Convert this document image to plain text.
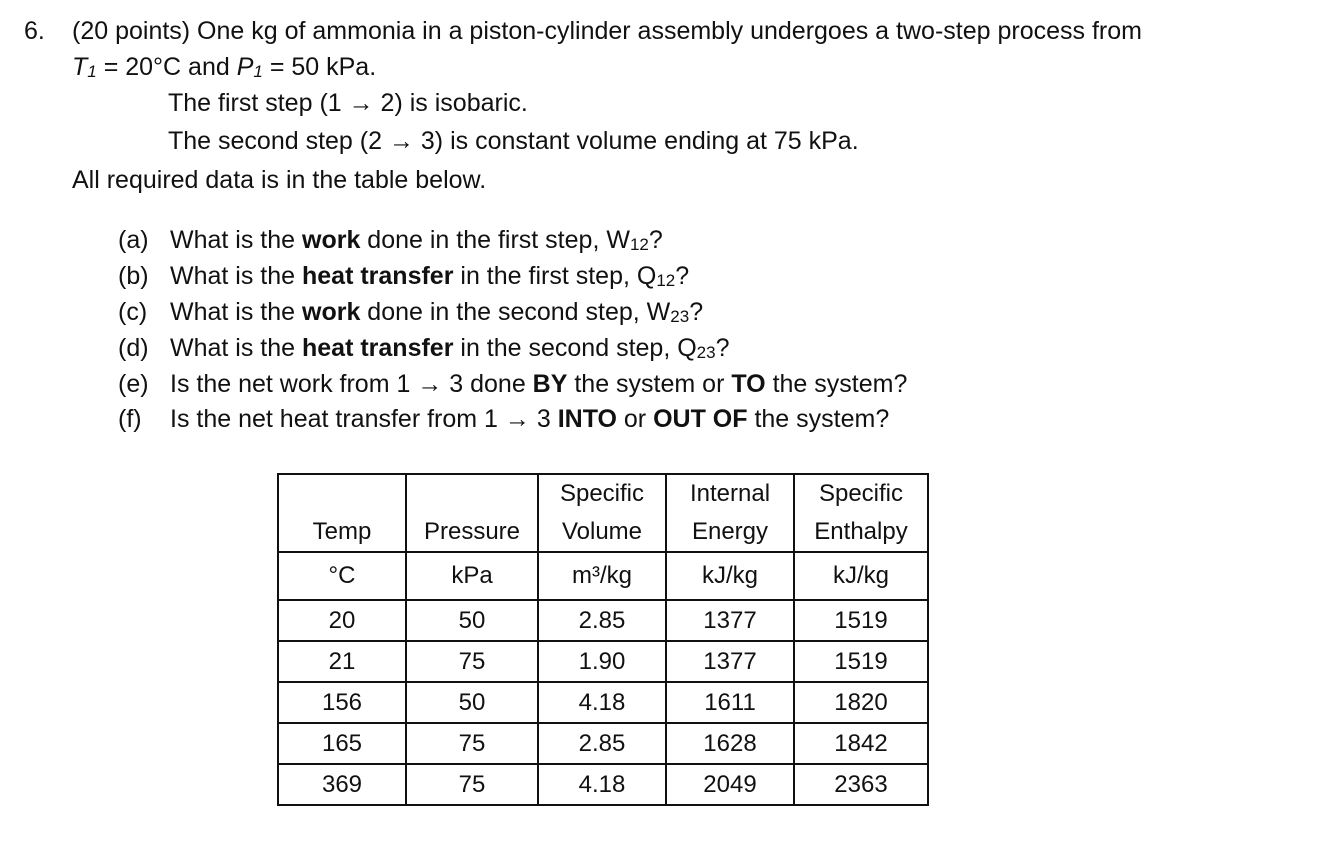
6. (20 points) One kg of ammonia in a piston-cylinder assembly undergoes a two-step process from
$T_1 = 20^\circ C$ and $P_1 = 50$ kPa.
The first step (1 → 2) is isobaric.
The second step (2 → 3) is constant volume ending at 75 kPa.
All required data is in the table below.
(a) What is the work done in the first step, $W_{12}$?
(b) What is the heat transfer in the first step, $Q_{12}$?
(c) What is the work done in the second step, $W_{23}$?
(d) What is the heat transfer in the second step, $Q_{23}$?
(e) Is the net work from 1 → 3 done BY the system or TO the system?
(f) Is the net heat transfer from 1 → 3 INTO or OUT OF the system?
		Specific	Internal	Specific
Temp	Pressure	Volume	Energy	Enthalpy
°C	kPa	m³/kg	kJ/kg	kJ/kg
20	50	2.85	1377	1519
21	75	1.90	1377	1519
156	50	4.18	1611	1820
165	75	2.85	1628	1842
369	75	4.18	2049	2363
